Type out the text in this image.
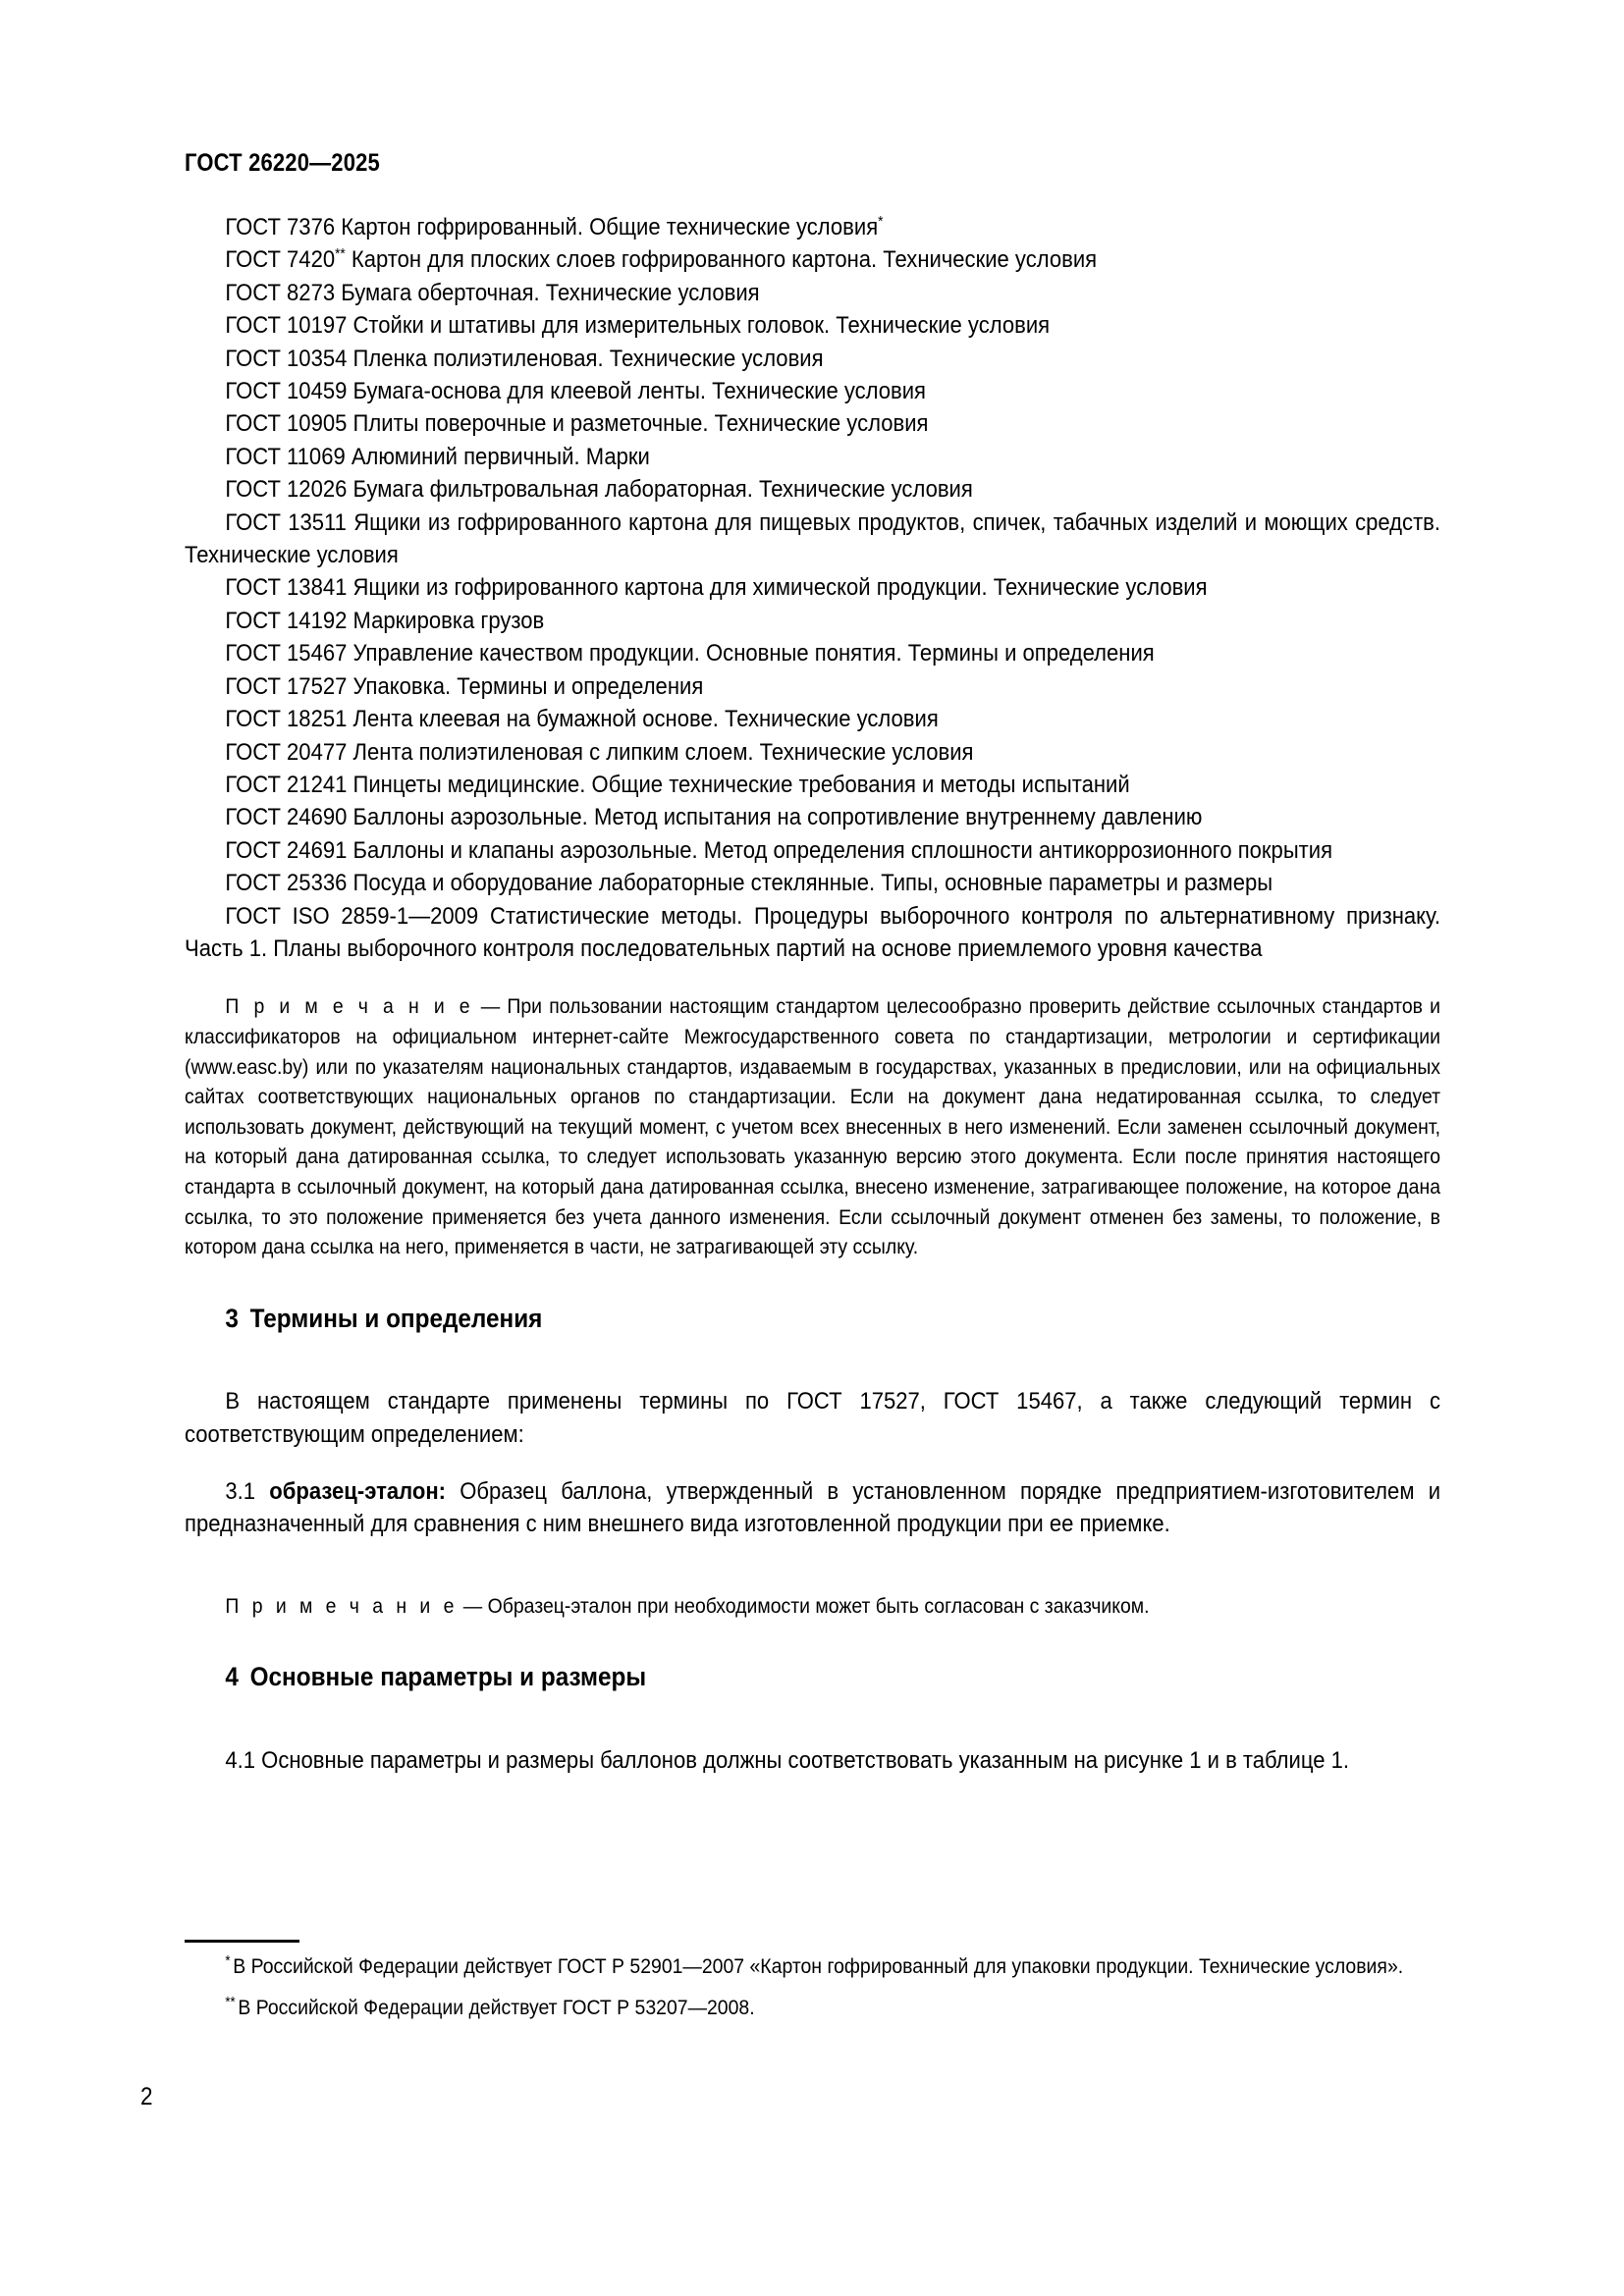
ГОСТ 26220—2025

ГОСТ 7376 Картон гофрированный. Общие технические условия*

ГОСТ 7420** Картон для плоских слоев гофрированного картона. Технические условия

ГОСТ 8273 Бумага оберточная. Технические условия

ГОСТ 10197 Стойки и штативы для измерительных головок. Технические условия

ГОСТ 10354 Пленка полиэтиленовая. Технические условия

ГОСТ 10459 Бумага-основа для клеевой ленты. Технические условия

ГОСТ 10905 Плиты поверочные и разметочные. Технические условия

ГОСТ 11069 Алюминий первичный. Марки

ГОСТ 12026 Бумага фильтровальная лабораторная. Технические условия

ГОСТ 13511 Ящики из гофрированного картона для пищевых продуктов, спичек, табачных изделий и моющих средств. Технические условия

ГОСТ 13841 Ящики из гофрированного картона для химической продукции. Технические условия

ГОСТ 14192 Маркировка грузов

ГОСТ 15467 Управление качеством продукции. Основные понятия. Термины и определения

ГОСТ 17527 Упаковка. Термины и определения

ГОСТ 18251 Лента клеевая на бумажной основе. Технические условия

ГОСТ 20477 Лента полиэтиленовая с липким слоем. Технические условия

ГОСТ 21241 Пинцеты медицинские. Общие технические требования и методы испытаний

ГОСТ 24690 Баллоны аэрозольные. Метод испытания на сопротивление внутреннему давлению

ГОСТ 24691 Баллоны и клапаны аэрозольные. Метод определения сплошности антикоррозионного покрытия

ГОСТ 25336 Посуда и оборудование лабораторные стеклянные. Типы, основные параметры и размеры

ГОСТ ISO 2859-1—2009 Статистические методы. Процедуры выборочного контроля по альтернативному признаку. Часть 1. Планы выборочного контроля последовательных партий на основе приемлемого уровня качества

П р и м е ч а н и е — При пользовании настоящим стандартом целесообразно проверить действие ссылочных стандартов и классификаторов на официальном интернет-сайте Межгосударственного совета по стандартизации, метрологии и сертификации (www.easc.by) или по указателям национальных стандартов, издаваемым в государствах, указанных в предисловии, или на официальных сайтах соответствующих национальных органов по стандартизации. Если на документ дана недатированная ссылка, то следует использовать документ, действующий на текущий момент, с учетом всех внесенных в него изменений. Если заменен ссылочный документ, на который дана датированная ссылка, то следует использовать указанную версию этого документа. Если после принятия настоящего стандарта в ссылочный документ, на который дана датированная ссылка, внесено изменение, затрагивающее положение, на которое дана ссылка, то это положение применяется без учета данного изменения. Если ссылочный документ отменен без замены, то положение, в котором дана ссылка на него, применяется в части, не затрагивающей эту ссылку.

3 Термины и определения

В настоящем стандарте применены термины по ГОСТ 17527, ГОСТ 15467, а также следующий термин с соответствующим определением:

3.1 образец-эталон: Образец баллона, утвержденный в установленном порядке предприятием-изготовителем и предназначенный для сравнения с ним внешнего вида изготовленной продукции при ее приемке.

П р и м е ч а н и е — Образец-эталон при необходимости может быть согласован с заказчиком.

4 Основные параметры и размеры

4.1 Основные параметры и размеры баллонов должны соответствовать указанным на рисунке 1 и в таблице 1.

* В Российской Федерации действует ГОСТ Р 52901—2007 «Картон гофрированный для упаковки продукции. Технические условия».

** В Российской Федерации действует ГОСТ Р 53207—2008.

2
